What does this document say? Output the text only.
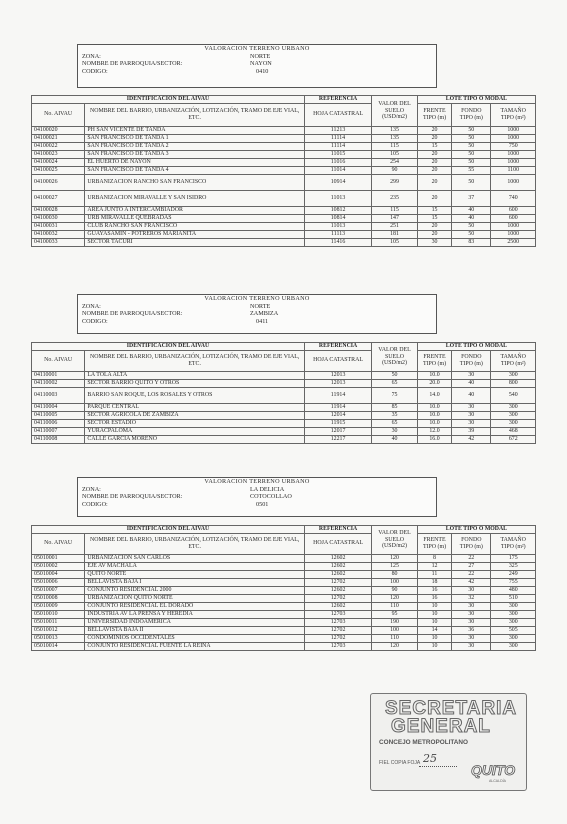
VALORACION TERRENO URBANO
ZONA:	NORTE
NOMBRE DE PARROQUIA/SECTOR:	NAYON
CODIGO:	0410
IDENTIFICACION DEL AIVAU		REFERENCIA	VALOR DEL SUELO (USD/m2)	LOTE TIPO O MODAL		
No. AIVAU	NOMBRE DEL BARRIO, URBANIZACIÓN, LOTIZACIÓN, TRAMO DE EJE VIAL, ETC.	HOJA CATASTRAL		FRENTE TIPO (m)	FONDO TIPO (m)	TAMAÑO TIPO (m²)
04100020	PH SAN VICENTE DE TANDA	11213	135	20	50	1000
04100021	SAN FRANCISCO DE TANDA 1	11114	135	20	50	1000
04100022	SAN FRANCISCO DE TANDA 2	11114	115	15	50	750
04100023	SAN FRANCISCO DE TANDA 3	11015	105	20	50	1000
04100024	EL HUERTO DE NAYON	11016	254	20	50	1000
04100025	SAN FRANCISCO DE TANDA 4	11014	90	20	55	1100
04100026	URBANIZACION RANCHO SAN FRANCISCO	10914	299	20	50	1000
04100027	URBANIZACION MIRAVALLE Y SAN ISIDRO	11013	235	20	37	740
04100028	AREA JUNTO A INTERCAMBIADOR	10812	115	15	40	600
04100030	URB MIRAVALLE QUEBRADAS	10814	147	15	40	600
04100031	CLUB RANCHO SAN FRANCISCO	11013	251	20	50	1000
04100032	GUAYASAMIN - POTREROS MARIANITA	11113	181	20	50	1000
04100033	SECTOR TACURI	11416	105	30	83	2500
VALORACION TERRENO URBANO
ZONA:	NORTE
NOMBRE DE PARROQUIA/SECTOR:	ZAMBIZA
CODIGO:	0411
IDENTIFICACION DEL AIVAU		REFERENCIA	VALOR DEL SUELO (USD/m2)	LOTE TIPO O MODAL		
No. AIVAU	NOMBRE DEL BARRIO, URBANIZACIÓN, LOTIZACIÓN, TRAMO DE EJE VIAL, ETC.	HOJA CATASTRAL		FRENTE TIPO (m)	FONDO TIPO (m)	TAMAÑO TIPO (m²)
04110001	LA TOLA ALTA	12013	50	10.0	30	300
04110002	SECTOR BARRIO QUITO Y OTROS	12013	65	20.0	40	800
04110003	BARRIO SAN ROQUE, LOS ROSALES Y OTROS	11914	75	14.0	40	540
04110004	PARQUE CENTRAL	11914	85	10.0	30	300
04110005	SECTOR AGRICOLA DE ZAMBIZA	12014	35	10.0	30	300
04110006	SECTOR ESTADIO	11915	65	10.0	30	300
04110007	YURACPALOMA	12017	30	12.0	39	468
04110008	CALLE GARCIA MORENO	12217	40	16.0	42	672
VALORACION TERRENO URBANO
ZONA:	LA DELICIA
NOMBRE DE PARROQUIA/SECTOR:	COTOCOLLAO
CODIGO:	0501
IDENTIFICACION DEL AIVAU		REFERENCIA	VALOR DEL SUELO (USD/m2)	LOTE TIPO O MODAL		
No. AIVAU	NOMBRE DEL BARRIO, URBANIZACIÓN, LOTIZACIÓN, TRAMO DE EJE VIAL, ETC.	HOJA CATASTRAL		FRENTE TIPO (m)	FONDO TIPO (m)	TAMAÑO TIPO (m²)
05010001	URBANIZACION SAN CARLOS	12602	120	8	22	175
05010002	EJE AV MACHALA	12602	125	12	27	325
05010004	QUITO NORTE	12602	80	11	22	249
05010006	BELLAVISTA BAJA I	12702	100	18	42	755
05010007	CONJUNTO RESIDENCIAL 2000	12602	90	16	30	480
05010008	URBANIZACION QUITO NORTE	12702	120	16	32	510
05010009	CONJUNTO RESIDENCIAL EL DORADO	12602	110	10	30	300
05010010	INDUSTRIA AV LA PRENSA Y HEREDIA	12703	95	10	30	300
05010011	UNIVERSIDAD INDOAMERICA	12703	190	10	30	300
05010012	BELLAVISTA BAJA II	12702	100	14	36	505
05010013	CONDOMINIOS OCCIDENTALES	12702	110	10	30	300
05010014	CONJUNTO RESIDENCIAL FUENTE LA REINA	12703	120	10	30	300
SECRETARIA
GENERAL
CONCEJO METROPOLITANO
FIEL COPIA FOJA 25
QUITO
ALCALDÍA
